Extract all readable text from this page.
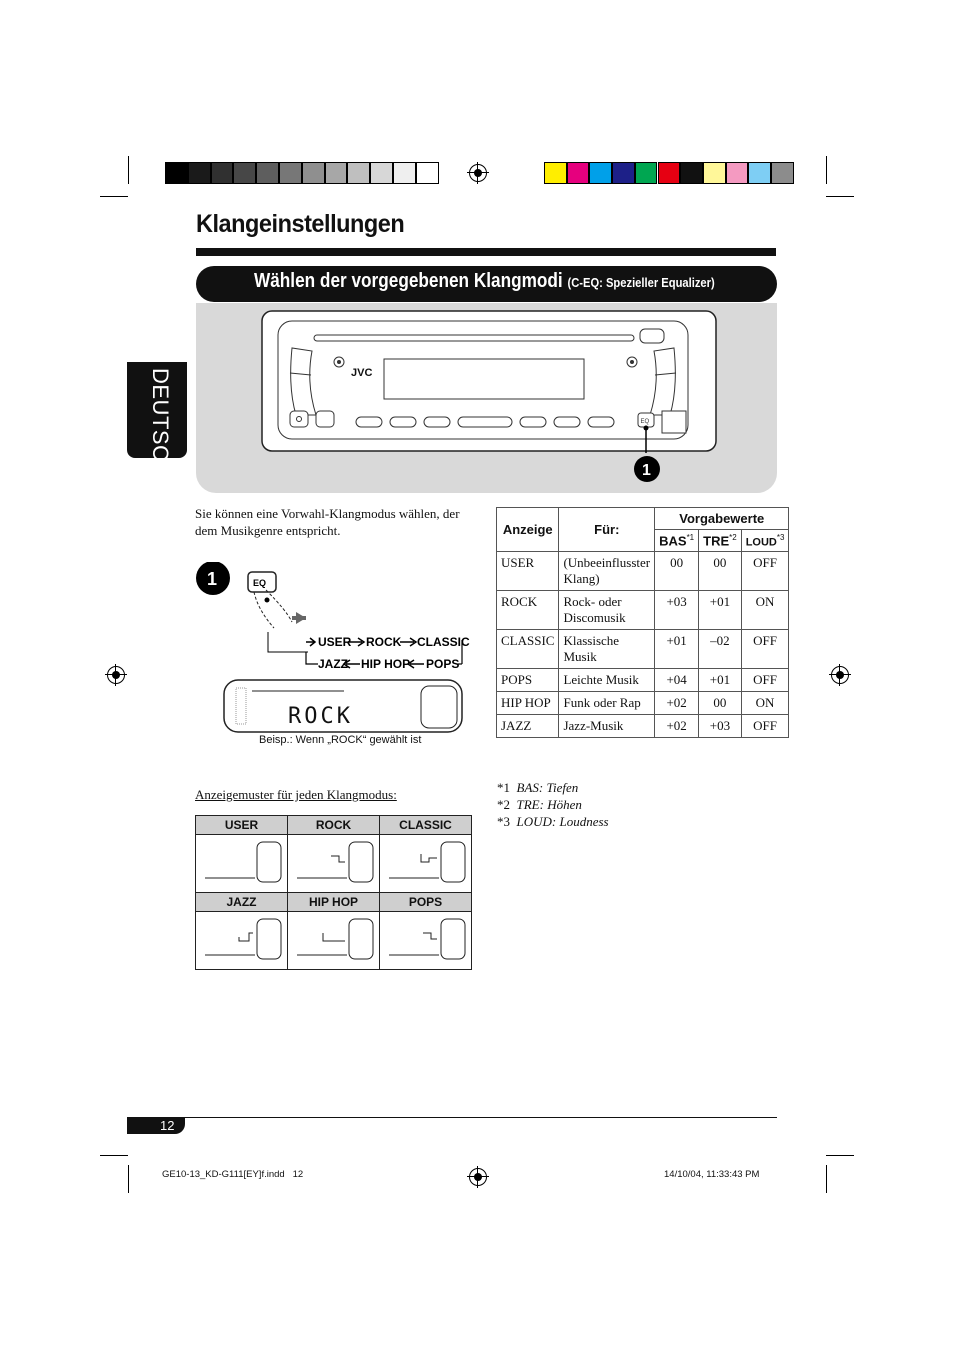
Klangeinstellungen
Wählen der vorgegebenen Klangmodi (C-EQ: Spezieller Equalizer)
JVC
EQ
1
DEUTSCH
Sie können eine Vorwahl-Klangmodus wählen, der dem Musikgenre entspricht.
1	EQ
USER ROCK CLASSIC
JAZZ HIP HOP POPS
ROCK
Beisp.: Wenn „ROCK“ gewählt ist
Anzeigemuster für jeden Klangmodus:
USER	ROCK	CLASSIC
JAZZ	HIP HOP	POPS
Anzeige	Für:	Vorgabewerte		
		BAS$^{*1}$	TRE$^{*2}$	LOUD$^{*3}$
USER	(Unbeeinflusster Klang)	00	00	OFF
ROCK	Rock- oder Discomusik	+03	+01	ON
CLASSIC	Klassische Musik	+01	–02	OFF
POPS	Leichte Musik	+04	+01	OFF
HIP HOP	Funk oder Rap	+02	00	ON
JAZZ	Jazz-Musik	+02	+03	OFF
*1 BAS: Tiefen
*2 TRE: Höhen
*3 LOUD: Loudness
12
GE10-13_KD-G111[EY]f.indd   12	14/10/04, 11:33:43 PM
